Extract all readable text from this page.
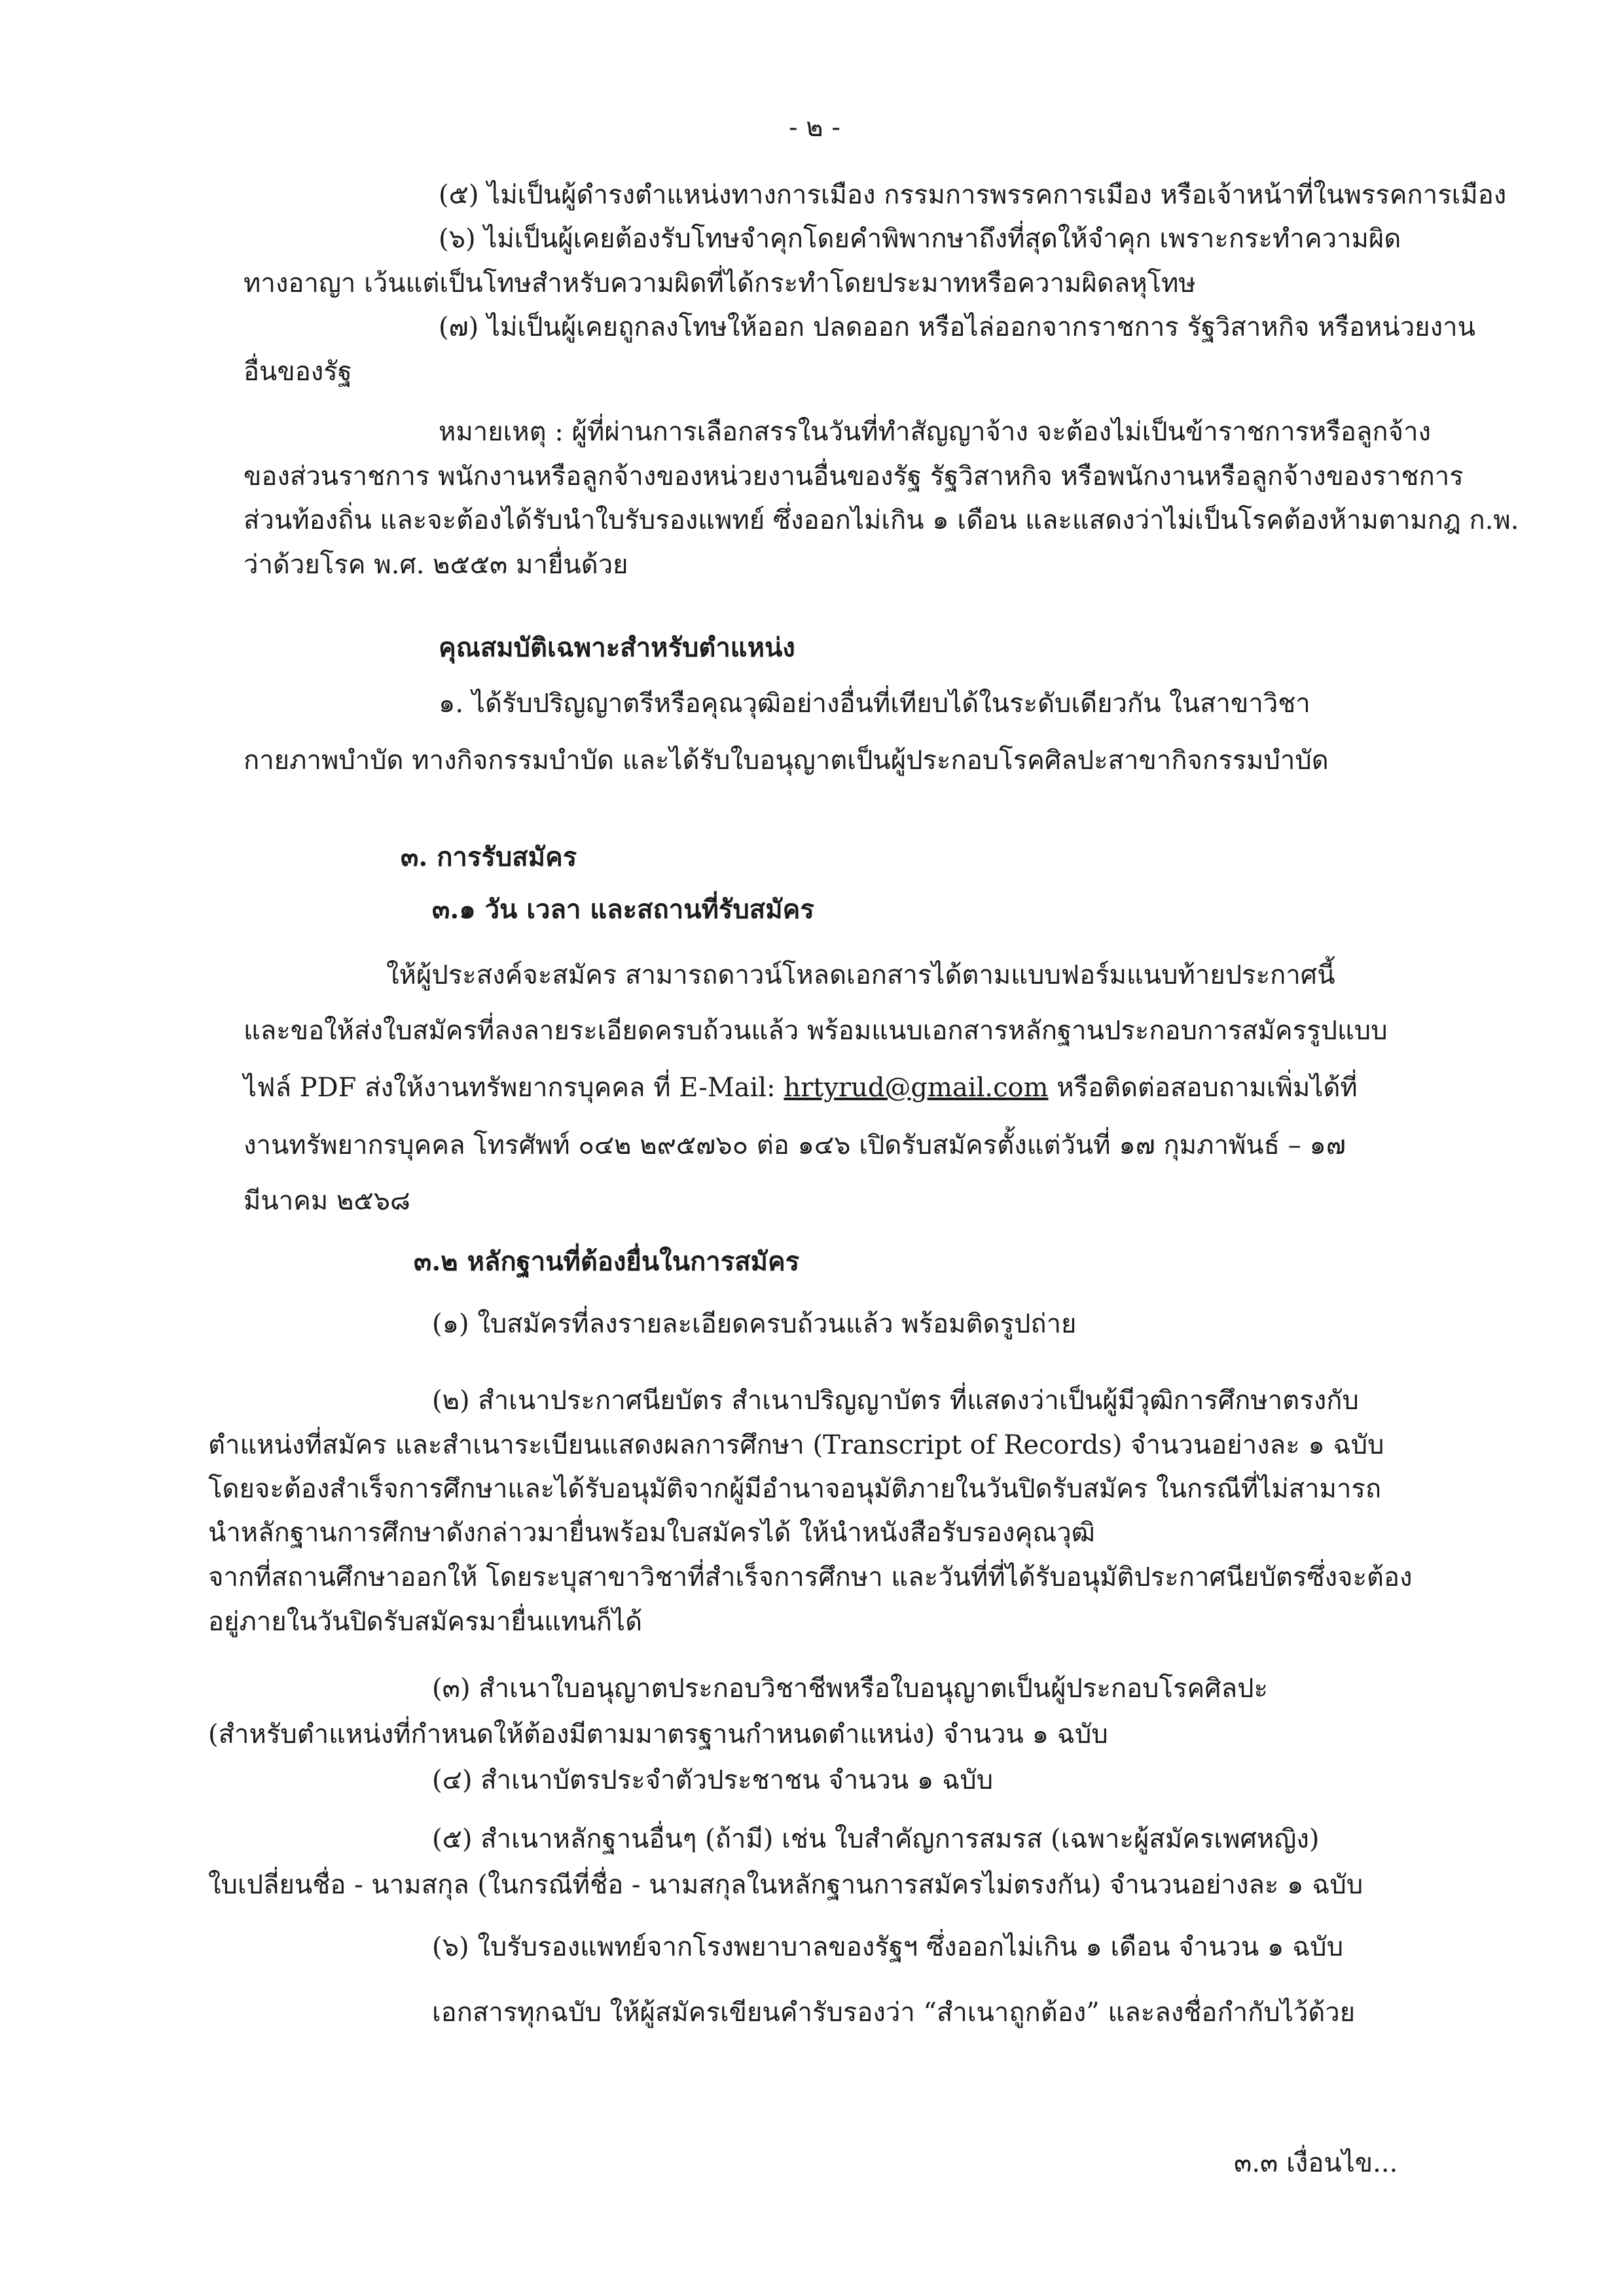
- ๒ -
(๕) ไม่เป็นผู้ดำรงตำแหน่งทางการเมือง กรรมการพรรคการเมือง หรือเจ้าหน้าที่ในพรรคการเมือง
(๖) ไม่เป็นผู้เคยต้องรับโทษจำคุกโดยคำพิพากษาถึงที่สุดให้จำคุก เพราะกระทำความผิด
ทางอาญา เว้นแต่เป็นโทษสำหรับความผิดที่ได้กระทำโดยประมาทหรือความผิดลหุโทษ
(๗) ไม่เป็นผู้เคยถูกลงโทษให้ออก ปลดออก หรือไล่ออกจากราชการ รัฐวิสาหกิจ หรือหน่วยงาน
อื่นของรัฐ
หมายเหตุ : ผู้ที่ผ่านการเลือกสรรในวันที่ทำสัญญาจ้าง จะต้องไม่เป็นข้าราชการหรือลูกจ้าง
ของส่วนราชการ พนักงานหรือลูกจ้างของหน่วยงานอื่นของรัฐ รัฐวิสาหกิจ หรือพนักงานหรือลูกจ้างของราชการ
ส่วนท้องถิ่น และจะต้องได้รับนำใบรับรองแพทย์ ซึ่งออกไม่เกิน ๑ เดือน และแสดงว่าไม่เป็นโรคต้องห้ามตามกฎ ก.พ.
ว่าด้วยโรค พ.ศ. ๒๕๕๓ มายื่นด้วย
คุณสมบัติเฉพาะสำหรับตำแหน่ง
๑. ได้รับปริญญาตรีหรือคุณวุฒิอย่างอื่นที่เทียบได้ในระดับเดียวกัน ในสาขาวิชา
กายภาพบำบัด ทางกิจกรรมบำบัด และได้รับใบอนุญาตเป็นผู้ประกอบโรคศิลปะสาขากิจกรรมบำบัด
๓. การรับสมัคร
๓.๑ วัน เวลา และสถานที่รับสมัคร
ให้ผู้ประสงค์จะสมัคร สามารถดาวน์โหลดเอกสารได้ตามแบบฟอร์มแนบท้ายประกาศนี้
และขอให้ส่งใบสมัครที่ลงลายระเอียดครบถ้วนแล้ว พร้อมแนบเอกสารหลักฐานประกอบการสมัครรูปแบบ
ไฟล์ PDF ส่งให้งานทรัพยากรบุคคล ที่ E-Mail: hrtyrud@gmail.com หรือติดต่อสอบถามเพิ่มได้ที่
งานทรัพยากรบุคคล โทรศัพท์ ๐๔๒ ๒๙๕๗๖๐ ต่อ ๑๔๖ เปิดรับสมัครตั้งแต่วันที่ ๑๗ กุมภาพันธ์ – ๑๗
มีนาคม ๒๕๖๘
๓.๒ หลักฐานที่ต้องยื่นในการสมัคร
(๑) ใบสมัครที่ลงรายละเอียดครบถ้วนแล้ว พร้อมติดรูปถ่าย
(๒) สำเนาประกาศนียบัตร สำเนาปริญญาบัตร ที่แสดงว่าเป็นผู้มีวุฒิการศึกษาตรงกับ
ตำแหน่งที่สมัคร และสำเนาระเบียนแสดงผลการศึกษา (Transcript of Records) จำนวนอย่างละ ๑ ฉบับ
โดยจะต้องสำเร็จการศึกษาและได้รับอนุมัติจากผู้มีอำนาจอนุมัติภายในวันปิดรับสมัคร ในกรณีที่ไม่สามารถ
นำหลักฐานการศึกษาดังกล่าวมายื่นพร้อมใบสมัครได้ ให้นำหนังสือรับรองคุณวุฒิ
จากที่สถานศึกษาออกให้ โดยระบุสาขาวิชาที่สำเร็จการศึกษา และวันที่ที่ได้รับอนุมัติประกาศนียบัตรซึ่งจะต้อง
อยู่ภายในวันปิดรับสมัครมายื่นแทนก็ได้
(๓) สำเนาใบอนุญาตประกอบวิชาชีพหรือใบอนุญาตเป็นผู้ประกอบโรคศิลปะ
(สำหรับตำแหน่งที่กำหนดให้ต้องมีตามมาตรฐานกำหนดตำแหน่ง) จำนวน ๑ ฉบับ
(๔) สำเนาบัตรประจำตัวประชาชน จำนวน ๑ ฉบับ
(๕) สำเนาหลักฐานอื่นๆ (ถ้ามี) เช่น ใบสำคัญการสมรส (เฉพาะผู้สมัครเพศหญิง)
ใบเปลี่ยนชื่อ - นามสกุล (ในกรณีที่ชื่อ - นามสกุลในหลักฐานการสมัครไม่ตรงกัน) จำนวนอย่างละ ๑ ฉบับ
(๖) ใบรับรองแพทย์จากโรงพยาบาลของรัฐฯ ซึ่งออกไม่เกิน ๑ เดือน จำนวน ๑ ฉบับ
เอกสารทุกฉบับ ให้ผู้สมัครเขียนคำรับรองว่า “สำเนาถูกต้อง” และลงชื่อกำกับไว้ด้วย
๓.๓ เงื่อนไข...
